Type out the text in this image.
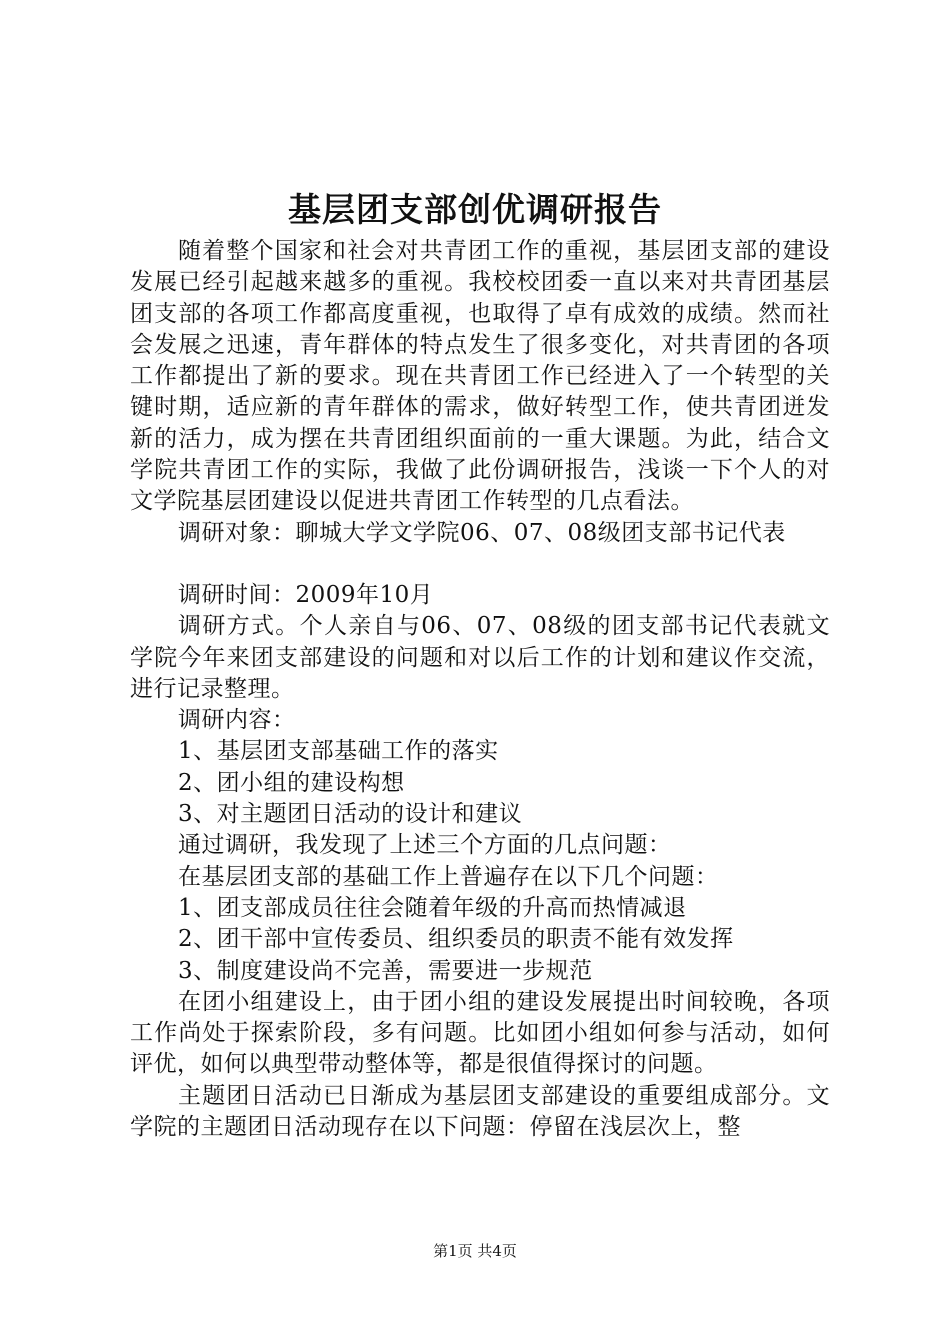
基层团支部创优调研报告

随着整个国家和社会对共青团工作的重视，基层团支部的建设发展已经引起越来越多的重视。我校校团委一直以来对共青团基层团支部的各项工作都高度重视，也取得了卓有成效的成绩。然而社会发展之迅速，青年群体的特点发生了很多变化，对共青团的各项工作都提出了新的要求。现在共青团工作已经进入了一个转型的关键时期，适应新的青年群体的需求，做好转型工作，使共青团迸发新的活力，成为摆在共青团组织面前的一重大课题。为此，结合文学院共青团工作的实际，我做了此份调研报告，浅谈一下个人的对文学院基层团建设以促进共青团工作转型的几点看法。

调研对象：聊城大学文学院06、07、08级团支部书记代表

调研时间：2009年10月

调研方式。个人亲自与06、07、08级的团支部书记代表就文学院今年来团支部建设的问题和对以后工作的计划和建议作交流，进行记录整理。

调研内容：

1、基层团支部基础工作的落实

2、团小组的建设构想

3、对主题团日活动的设计和建议

通过调研，我发现了上述三个方面的几点问题：

在基层团支部的基础工作上普遍存在以下几个问题：

1、团支部成员往往会随着年级的升高而热情减退

2、团干部中宣传委员、组织委员的职责不能有效发挥

3、制度建设尚不完善，需要进一步规范

在团小组建设上，由于团小组的建设发展提出时间较晚，各项工作尚处于探索阶段，多有问题。比如团小组如何参与活动，如何评优，如何以典型带动整体等，都是很值得探讨的问题。

主题团日活动已日渐成为基层团支部建设的重要组成部分。文学院的主题团日活动现存在以下问题：停留在浅层次上，整

第1页 共4页
